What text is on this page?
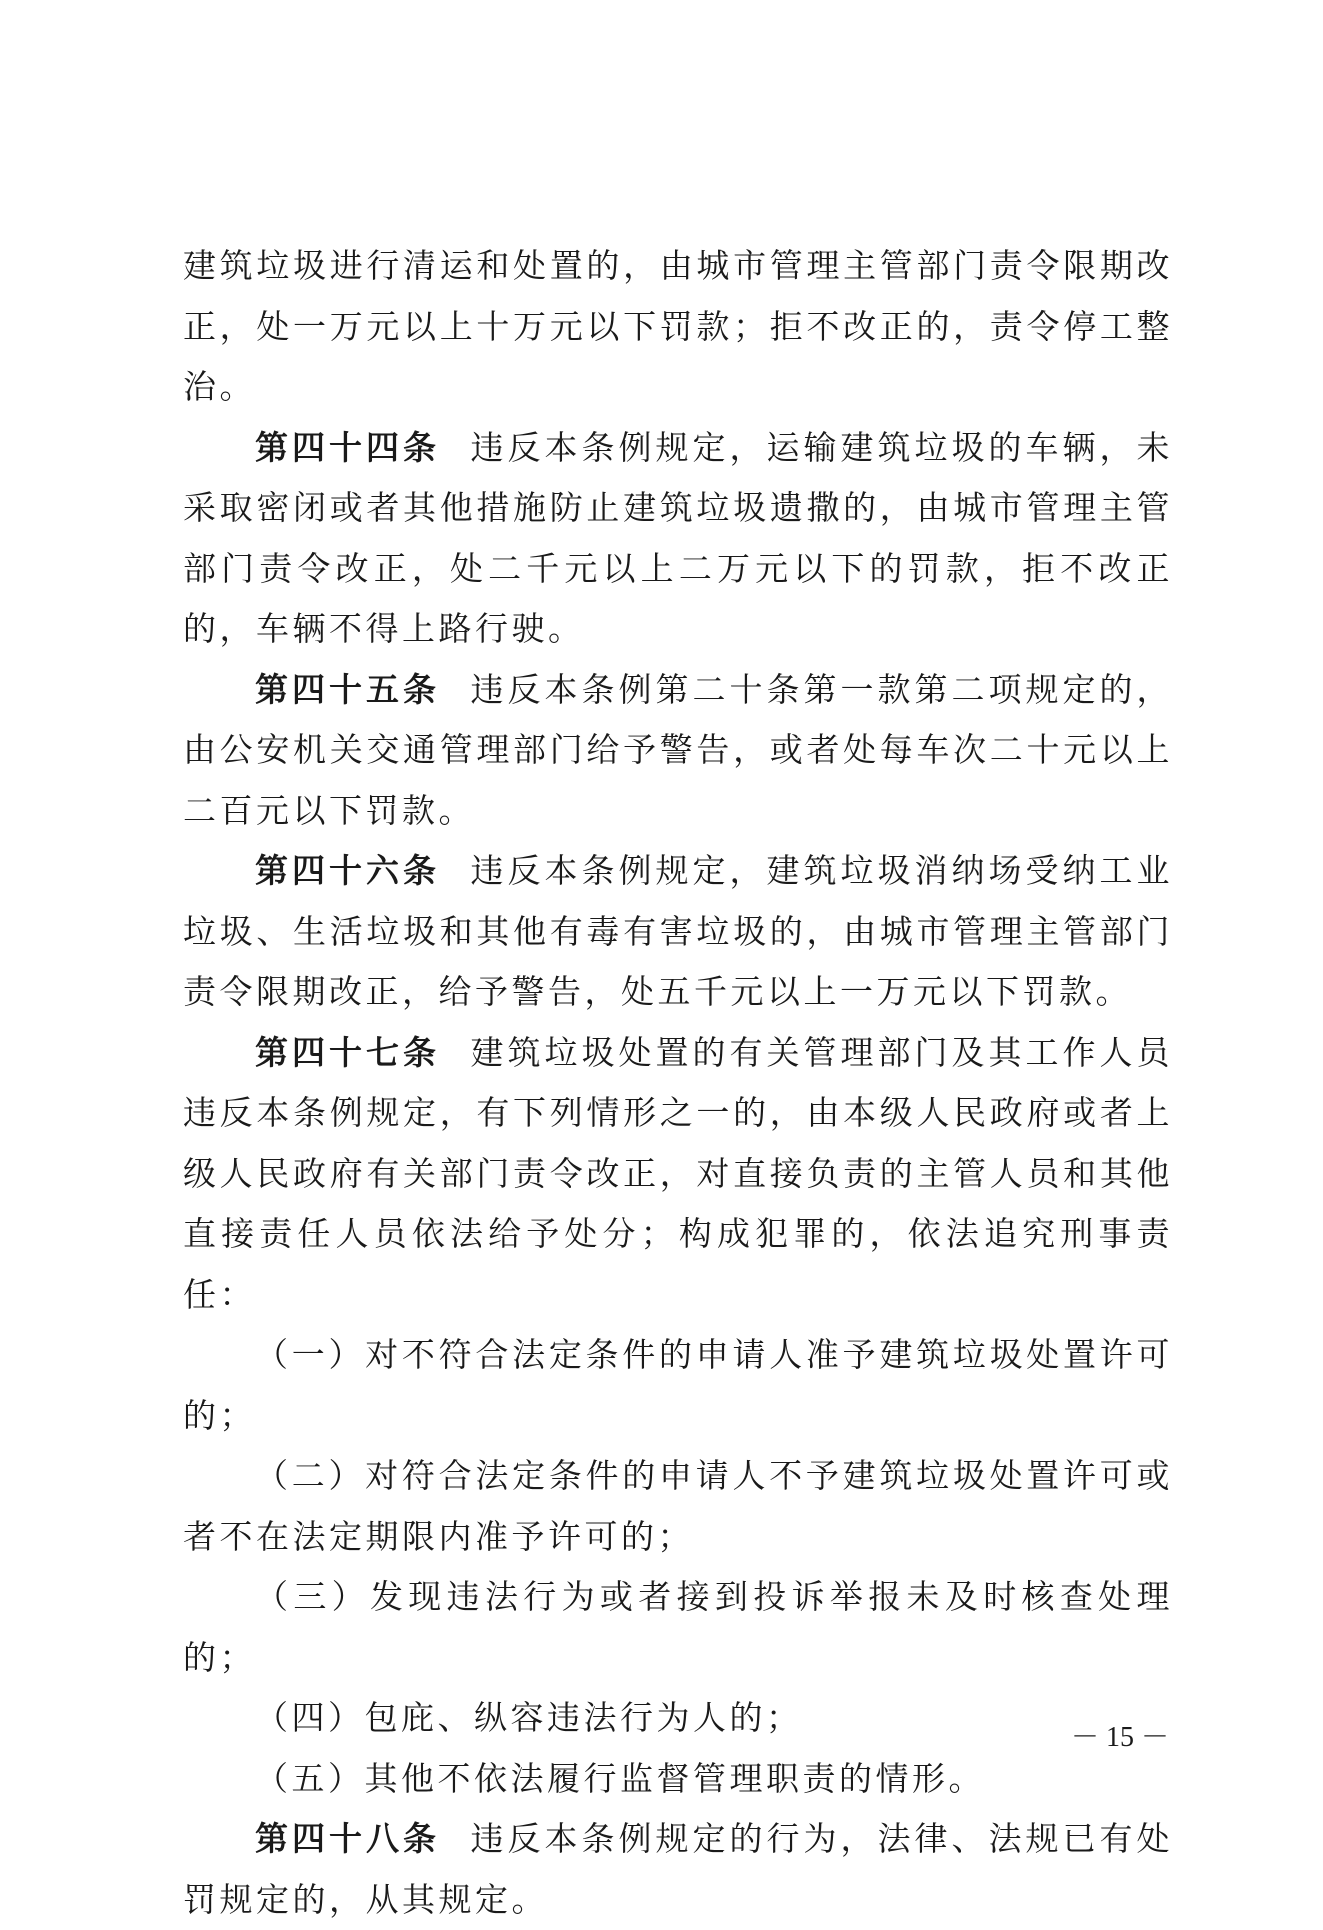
建筑垃圾进行清运和处置的，由城市管理主管部门责令限期改正，处一万元以上十万元以下罚款；拒不改正的，责令停工整治。

第四十四条 违反本条例规定，运输建筑垃圾的车辆，未采取密闭或者其他措施防止建筑垃圾遗撒的，由城市管理主管部门责令改正，处二千元以上二万元以下的罚款，拒不改正的，车辆不得上路行驶。

第四十五条 违反本条例第二十条第一款第二项规定的，由公安机关交通管理部门给予警告，或者处每车次二十元以上二百元以下罚款。

第四十六条 违反本条例规定，建筑垃圾消纳场受纳工业垃圾、生活垃圾和其他有毒有害垃圾的，由城市管理主管部门责令限期改正，给予警告，处五千元以上一万元以下罚款。

第四十七条 建筑垃圾处置的有关管理部门及其工作人员违反本条例规定，有下列情形之一的，由本级人民政府或者上级人民政府有关部门责令改正，对直接负责的主管人员和其他直接责任人员依法给予处分；构成犯罪的，依法追究刑事责任：

（一）对不符合法定条件的申请人准予建筑垃圾处置许可的；

（二）对符合法定条件的申请人不予建筑垃圾处置许可或者不在法定期限内准予许可的；

（三）发现违法行为或者接到投诉举报未及时核查处理的；

（四）包庇、纵容违法行为人的；

（五）其他不依法履行监督管理职责的情形。

第四十八条 违反本条例规定的行为，法律、法规已有处罚规定的，从其规定。

－ 15 －
